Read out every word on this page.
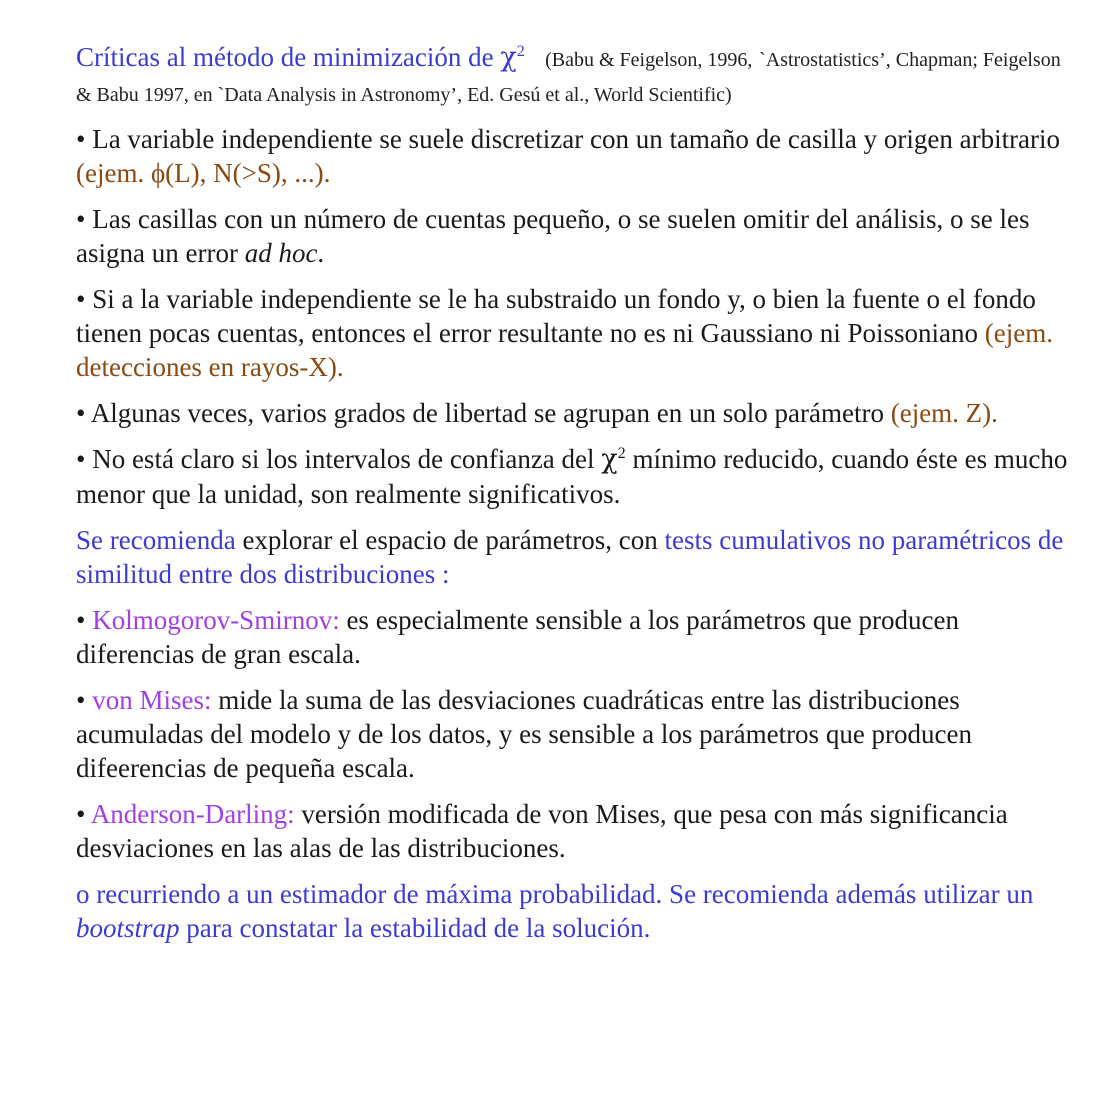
Críticas al método de minimización de $\chi^2$ (Babu & Feigelson, 1996, `Astrostatistics’, Chapman; Feigelson & Babu 1997, en `Data Analysis in Astronomy’, Ed. Gesú et al., World Scientific)
• La variable independiente se suele discretizar con un tamaño de casilla y origen arbitrario (ejem. ϕ(L), N(>S), ...).
• Las casillas con un número de cuentas pequeño, o se suelen omitir del análisis, o se les asigna un error ad hoc.
• Si a la variable independiente se le ha substraido un fondo y, o bien la fuente o el fondo tienen pocas cuentas, entonces el error resultante no es ni Gaussiano ni Poissoniano (ejem. detecciones en rayos-X).
• Algunas veces, varios grados de libertad se agrupan en un solo parámetro (ejem. Z).
• No está claro si los intervalos de confianza del $\chi^2$ mínimo reducido, cuando éste es mucho menor que la unidad, son realmente significativos.
Se recomienda explorar el espacio de parámetros, con tests cumulativos no paramétricos de similitud entre dos distribuciones :
• Kolmogorov-Smirnov: es especialmente sensible a los parámetros que producen diferencias de gran escala.
• von Mises: mide la suma de las desviaciones cuadráticas entre las distribuciones acumuladas del modelo y de los datos, y es sensible a los parámetros que producen difeerencias de pequeña escala.
• Anderson-Darling: versión modificada de von Mises, que pesa con más significancia desviaciones en las alas de las distribuciones.
o recurriendo a un estimador de máxima probabilidad. Se recomienda además utilizar un bootstrap para constatar la estabilidad de la solución.
